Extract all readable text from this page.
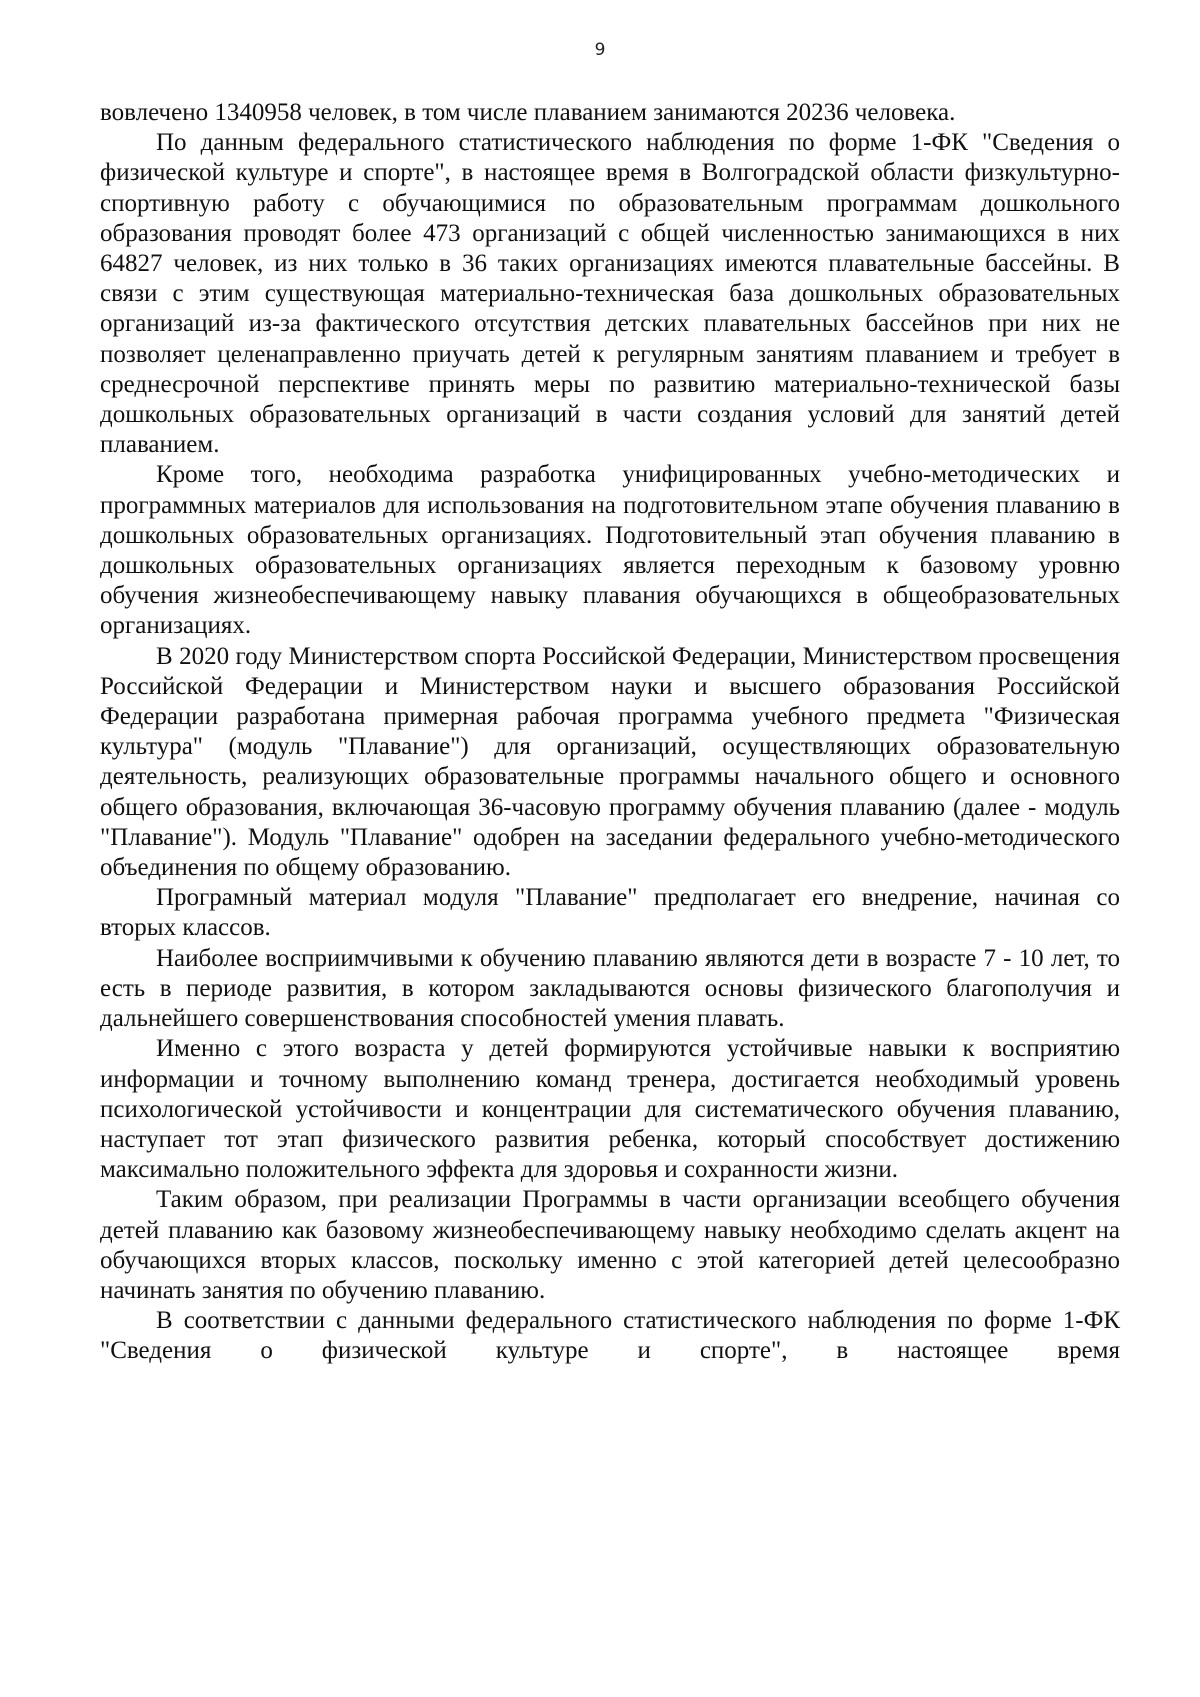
9

вовлечено 1340958 человек, в том числе плаванием занимаются 20236 человека.

По данным федерального статистического наблюдения по форме 1-ФК "Сведения о физической культуре и спорте", в настоящее время в Волгоградской области физкультурно-спортивную работу с обучающимися по образовательным программам дошкольного образования проводят более 473 организаций с общей численностью занимающихся в них 64827 человек, из них только в 36 таких организациях имеются плавательные бассейны. В связи с этим существующая материально-техническая база дошкольных образовательных организаций из-за фактического отсутствия детских плавательных бассейнов при них не позволяет целенаправленно приучать детей к регулярным занятиям плаванием и требует в среднесрочной перспективе принять меры по развитию материально-технической базы дошкольных образовательных организаций в части создания условий для занятий детей плаванием.

Кроме того, необходима разработка унифицированных учебно-методических и программных материалов для использования на подготовительном этапе обучения плаванию в дошкольных образовательных организациях. Подготовительный этап обучения плаванию в дошкольных образовательных организациях является переходным к базовому уровню обучения жизнеобеспечивающему навыку плавания обучающихся в общеобразовательных организациях.

В 2020 году Министерством спорта Российской Федерации, Министерством просвещения Российской Федерации и Министерством науки и высшего образования Российской Федерации разработана примерная рабочая программа учебного предмета "Физическая культура" (модуль "Плавание") для организаций, осуществляющих образовательную деятельность, реализующих образовательные программы начального общего и основного общего образования, включающая 36-часовую программу обучения плаванию (далее - модуль "Плавание"). Модуль "Плавание" одобрен на заседании федерального учебно-методического объединения по общему образованию.

Програмный материал модуля "Плавание" предполагает его внедрение, начиная со вторых классов.

Наиболее восприимчивыми к обучению плаванию являются дети в возрасте 7 - 10 лет, то есть в периоде развития, в котором закладываются основы физического благополучия и дальнейшего совершенствования способностей умения плавать.

Именно с этого возраста у детей формируются устойчивые навыки к восприятию информации и точному выполнению команд тренера, достигается необходимый уровень психологической устойчивости и концентрации для систематического обучения плаванию, наступает тот этап физического развития ребенка, который способствует достижению максимально положительного эффекта для здоровья и сохранности жизни.

Таким образом, при реализации Программы в части организации всеобщего обучения детей плаванию как базовому жизнеобеспечивающему навыку необходимо сделать акцент на обучающихся вторых классов, поскольку именно с этой категорией детей целесообразно начинать занятия по обучению плаванию.

В соответствии с данными федерального статистического наблюдения по форме 1-ФК "Сведения о физической культуре и спорте", в настоящее время
